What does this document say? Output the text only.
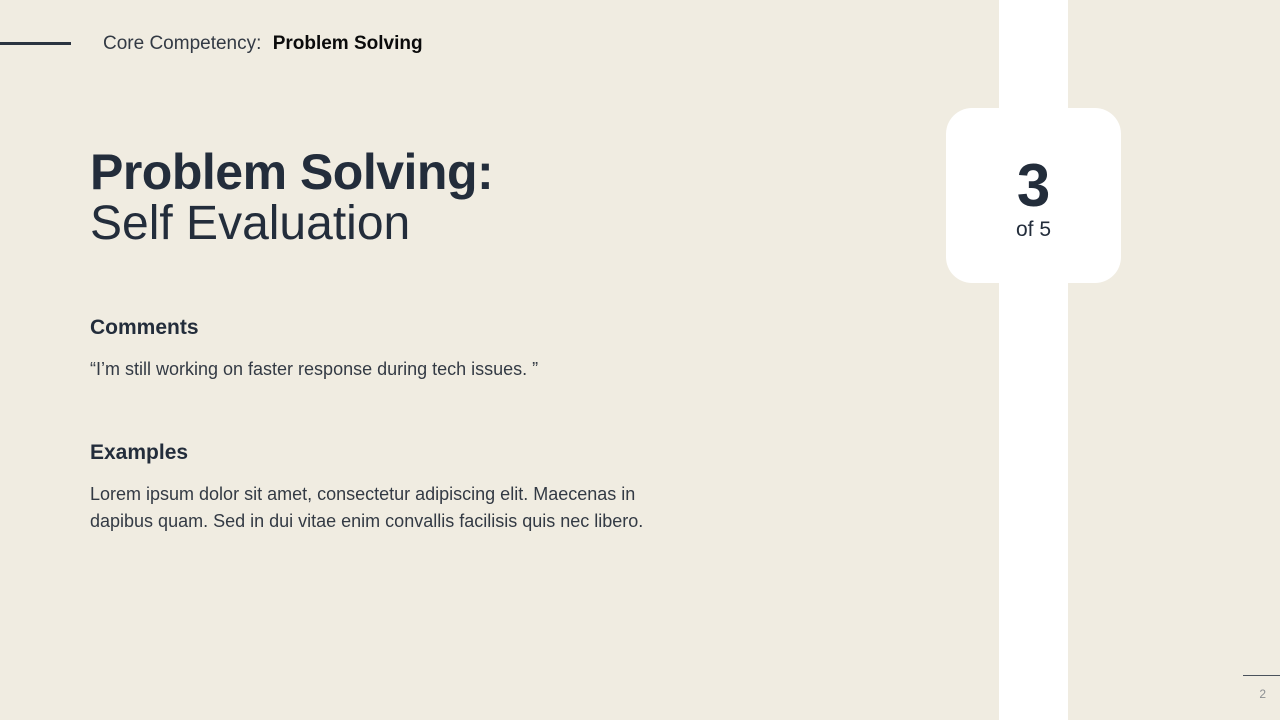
Core Competency: Problem Solving
Problem Solving:
Self Evaluation
Comments

“I’m still working on faster response during tech issues. ”

Examples

Lorem ipsum dolor sit amet, consectetur adipiscing elit. Maecenas in dapibus quam. Sed in dui vitae enim convallis facilisis quis nec libero.

3
of 5
2
